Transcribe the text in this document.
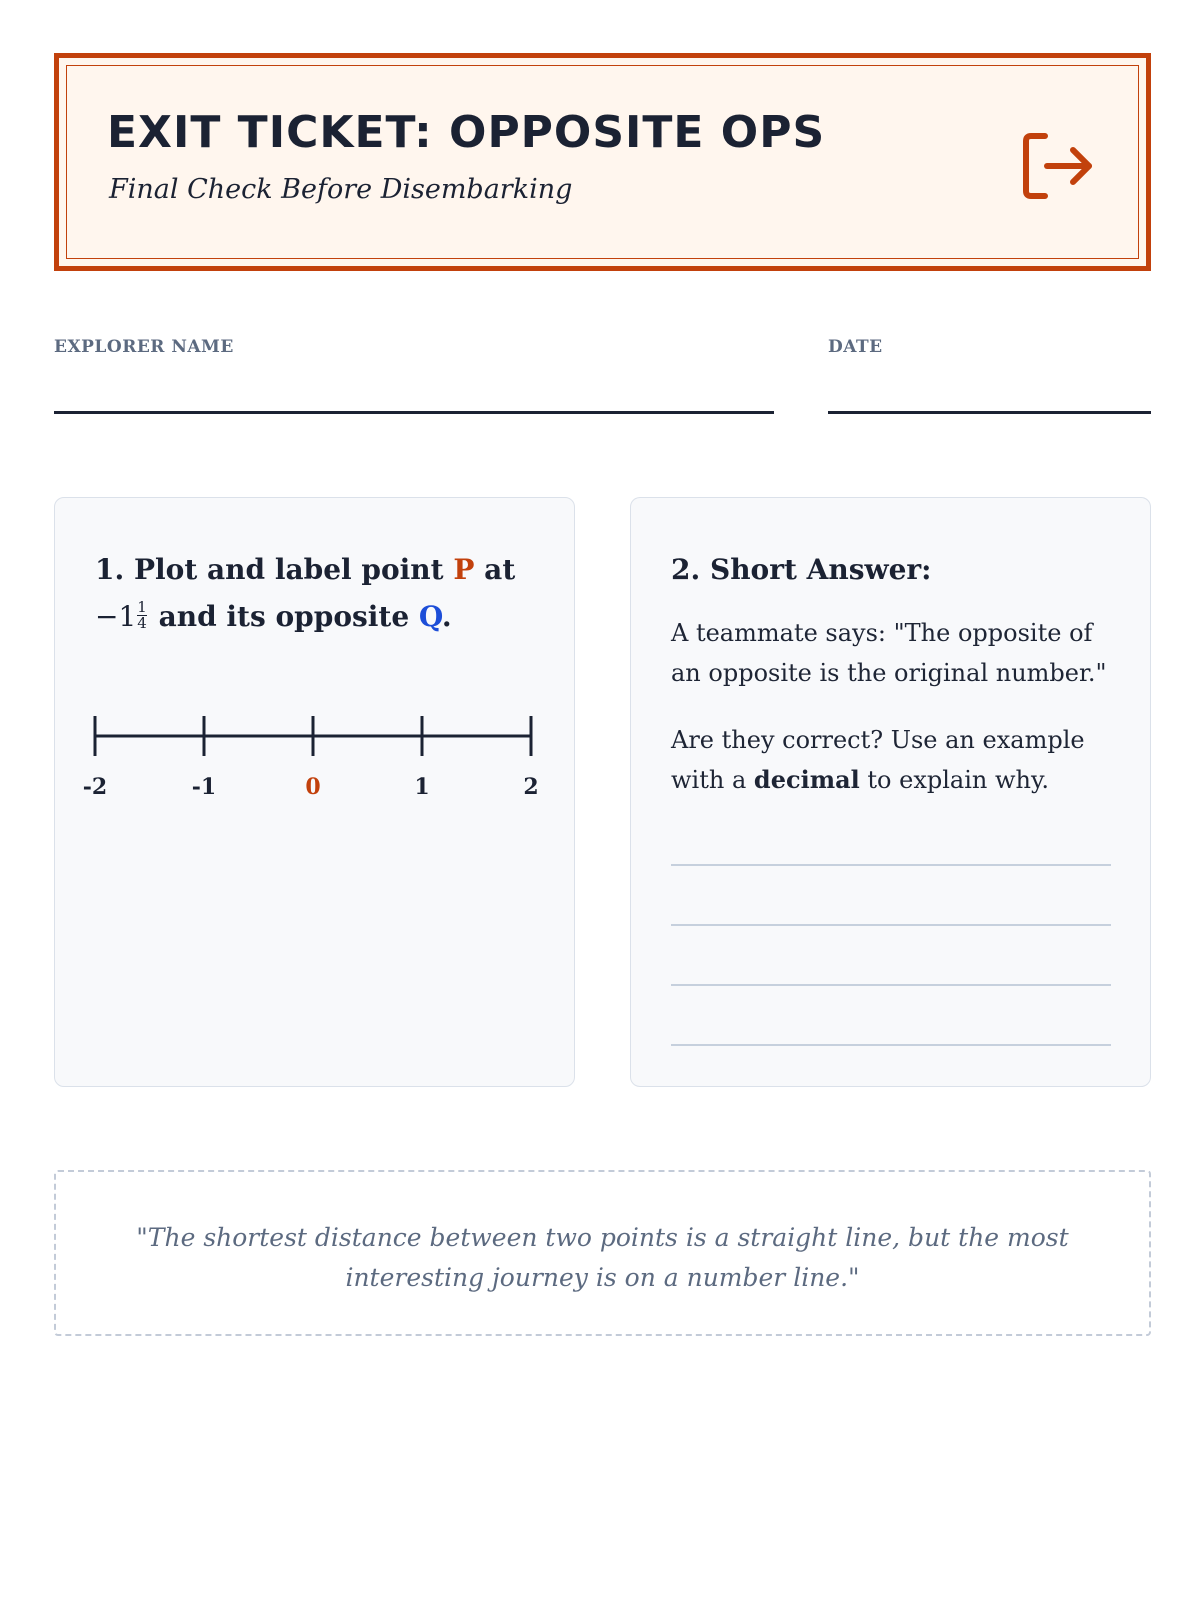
EXIT TICKET: OPPOSITE OPS

Final Check Before Disembarking

EXPLORER NAME	DATE
1. Plot and label point P at
$-1 \frac{1}{4}$ and its opposite Q.
-2	-1	0	1	2
2. Short Answer:

A teammate says: "The opposite of an opposite is the original number."

Are they correct? Use an example with a decimal to explain why.

"The shortest distance between two points is a straight line, but the most interesting journey is on a number line."
